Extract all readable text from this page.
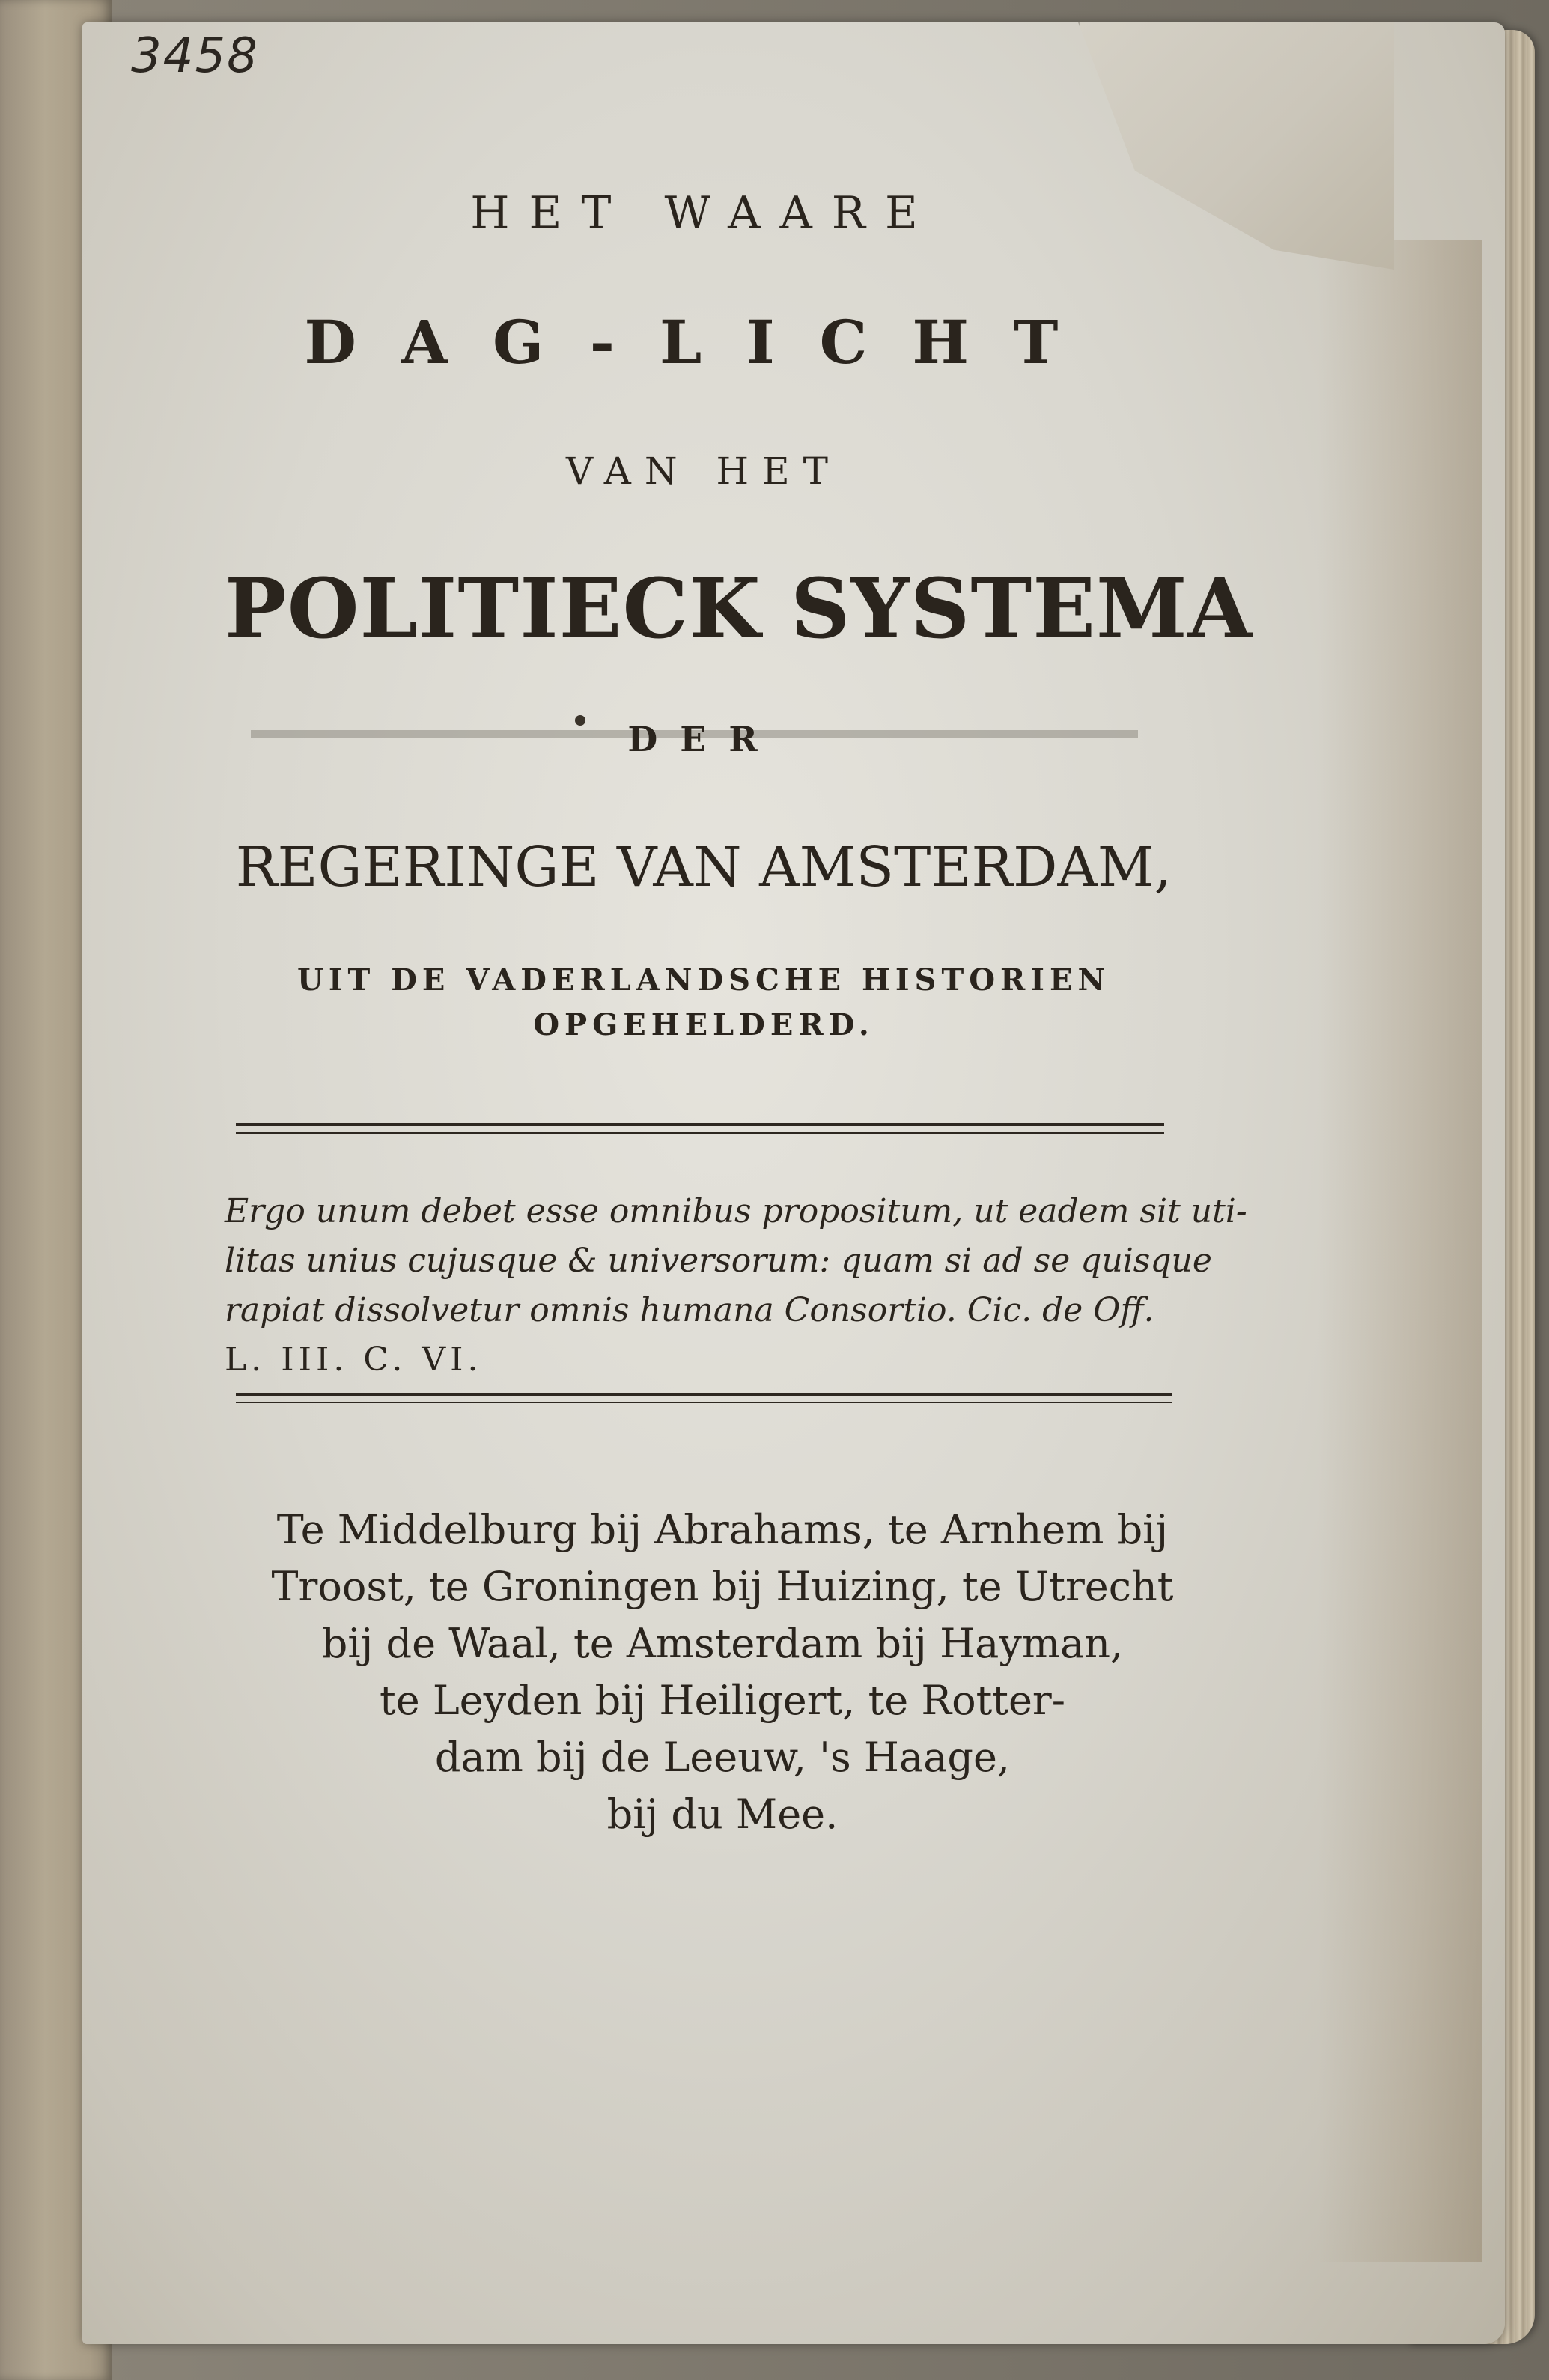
3458
HET WAARE
DAG-LICHT
VAN HET
POLITIECK SYSTEMA
DER
REGERINGE VAN AMSTERDAM,
UIT DE VADERLANDSCHE HISTORIEN
OPGEHELDERD.
Ergo unum debet esse omnibus propositum, ut eadem sit uti-
litas unius cujusque & universorum: quam si ad se quisque
rapiat dissolvetur omnis humana Consortio. Cic. de Off.
L. III. C. VI.
Te Middelburg bij Abrahams, te Arnhem bij
Troost, te Groningen bij Huizing, te Utrecht
bij de Waal, te Amsterdam bij Hayman,
te Leyden bij Heiligert, te Rotter-
dam bij de Leeuw, 's Haage,
bij du Mee.
